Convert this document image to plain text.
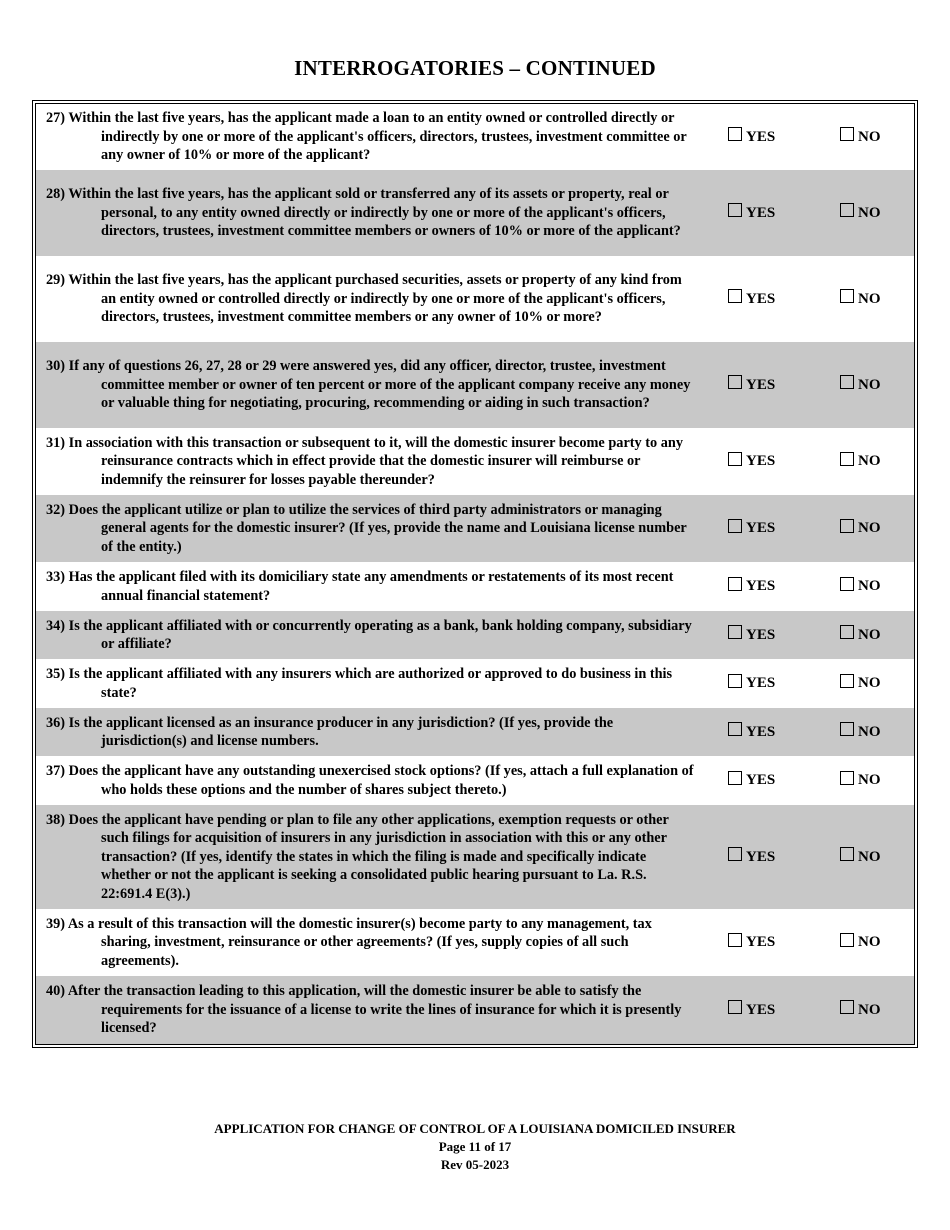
INTERROGATORIES – CONTINUED
27) Within the last five years, has the applicant made a loan to an entity owned or controlled directly or indirectly by one or more of the applicant's officers, directors, trustees, investment committee or any owner of 10% or more of the applicant?
YES	NO
28) Within the last five years, has the applicant sold or transferred any of its assets or property, real or personal, to any entity owned directly or indirectly by one or more of the applicant's officers, directors, trustees, investment committee members or owners of 10% or more of the applicant?
YES	NO
29) Within the last five years, has the applicant purchased securities, assets or property of any kind from an entity owned or controlled directly or indirectly by one or more of the applicant's officers, directors, trustees, investment committee members or any owner of 10% or more?
YES	NO
30) If any of questions 26, 27, 28 or 29 were answered yes, did any officer, director, trustee, investment committee member or owner of ten percent or more of the applicant company receive any money or valuable thing for negotiating, procuring, recommending or aiding in such transaction?
YES	NO
31) In association with this transaction or subsequent to it, will the domestic insurer become party to any reinsurance contracts which in effect provide that the domestic insurer will reimburse or indemnify the reinsurer for losses payable thereunder?
YES	NO
32) Does the applicant utilize or plan to utilize the services of third party administrators or managing general agents for the domestic insurer? (If yes, provide the name and Louisiana license number of the entity.)
YES	NO
33) Has the applicant filed with its domiciliary state any amendments or restatements of its most recent annual financial statement?
YES	NO
34) Is the applicant affiliated with or concurrently operating as a bank, bank holding company, subsidiary or affiliate?
YES	NO
35) Is the applicant affiliated with any insurers which are authorized or approved to do business in this state?
YES	NO
36) Is the applicant licensed as an insurance producer in any jurisdiction? (If yes, provide the jurisdiction(s) and license numbers.
YES	NO
37) Does the applicant have any outstanding unexercised stock options? (If yes, attach a full explanation of who holds these options and the number of shares subject thereto.)
YES	NO
38) Does the applicant have pending or plan to file any other applications, exemption requests or other such filings for acquisition of insurers in any jurisdiction in association with this or any other transaction? (If yes, identify the states in which the filing is made and specifically indicate whether or not the applicant is seeking a consolidated public hearing pursuant to La. R.S. 22:691.4 E(3).)
YES	NO
39) As a result of this transaction will the domestic insurer(s) become party to any management, tax sharing, investment, reinsurance or other agreements? (If yes, supply copies of all such agreements).
YES	NO
40) After the transaction leading to this application, will the domestic insurer be able to satisfy the requirements for the issuance of a license to write the lines of insurance for which it is presently licensed?
YES	NO
APPLICATION FOR CHANGE OF CONTROL OF A LOUISIANA DOMICILED INSURER
Page 11 of 17
Rev 05-2023
